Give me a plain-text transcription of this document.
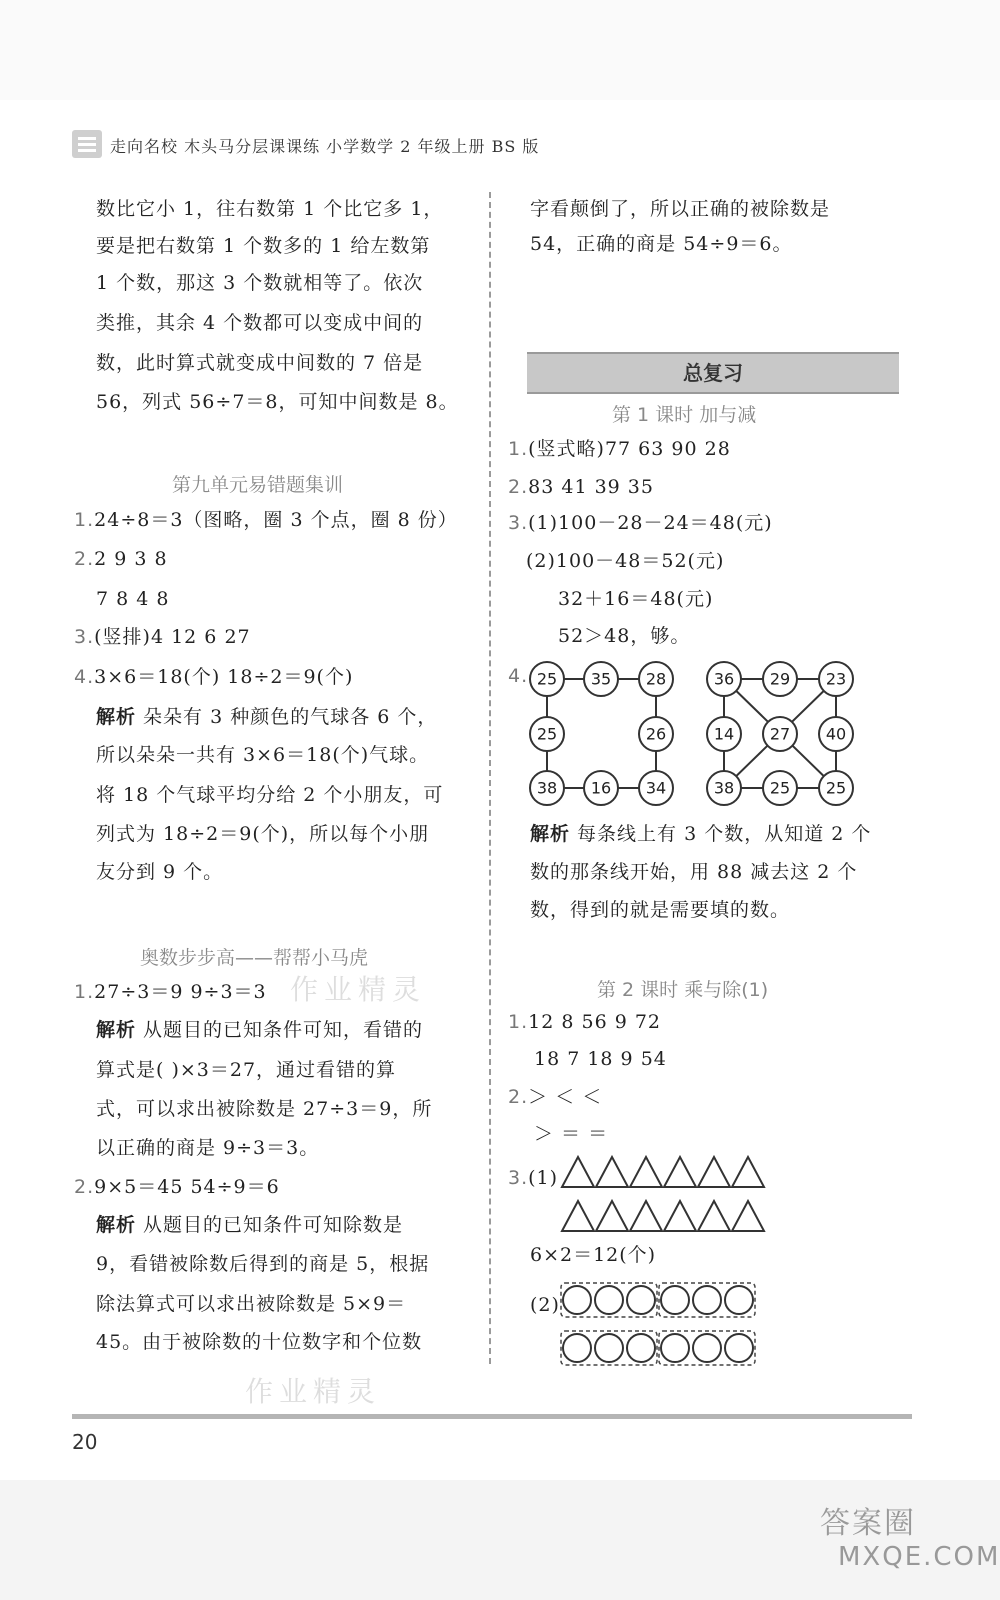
走向名校 木头马分层课课练 小学数学 2 年级上册 BS 版
数比它小 1，往右数第 1 个比它多 1，
要是把右数第 1 个数多的 1 给左数第
1 个数，那这 3 个数就相等了。依次
类推，其余 4 个数都可以变成中间的
数，此时算式就变成中间数的 7 倍是
56，列式 56÷7＝8，可知中间数是 8。
第九单元易错题集训
1.24÷8＝3（图略，圈 3 个点，圈 8 份）
2.2 9 3 8
7 8 4 8
3.(竖排)4 12 6 27
4.3×6＝18(个) 18÷2＝9(个)
解析 朵朵有 3 种颜色的气球各 6 个，
所以朵朵一共有 3×6＝18(个)气球。
将 18 个气球平均分给 2 个小朋友，可
列式为 18÷2＝9(个)，所以每个小朋
友分到 9 个。
奥数步步高——帮帮小马虎
1.27÷3＝9 9÷3＝3
解析 从题目的已知条件可知，看错的
算式是( )×3＝27，通过看错的算
式，可以求出被除数是 27÷3＝9，所
以正确的商是 9÷3＝3。
2.9×5＝45 54÷9＝6
解析 从题目的已知条件可知除数是
9，看错被除数后得到的商是 5，根据
除法算式可以求出被除数是 5×9＝
45。由于被除数的十位数字和个位数
字看颠倒了，所以正确的被除数是
54，正确的商是 54÷9＝6。
总复习
第 1 课时 加与减
1.(竖式略)77 63 90 28
2.83 41 39 35
3.(1)100－28－24＝48(元)
(2)100－48＝52(元)
32＋16＝48(元)
52＞48，够。
4. 25 35 28
25	26
38 16 34
36 29 23
14 27 40
38 25 25
解析 每条线上有 3 个数，从知道 2 个
数的那条线开始，用 88 减去这 2 个
数，得到的就是需要填的数。
第 2 课时 乘与除(1)
1.12 8 56 9 72
18 7 18 9 54
2.＞ ＜ ＜
＞ ＝ ＝
3.(1)
6×2＝12(个)
(2)
作业精灵
作业精灵
20
答案圈
MXQE.COM
